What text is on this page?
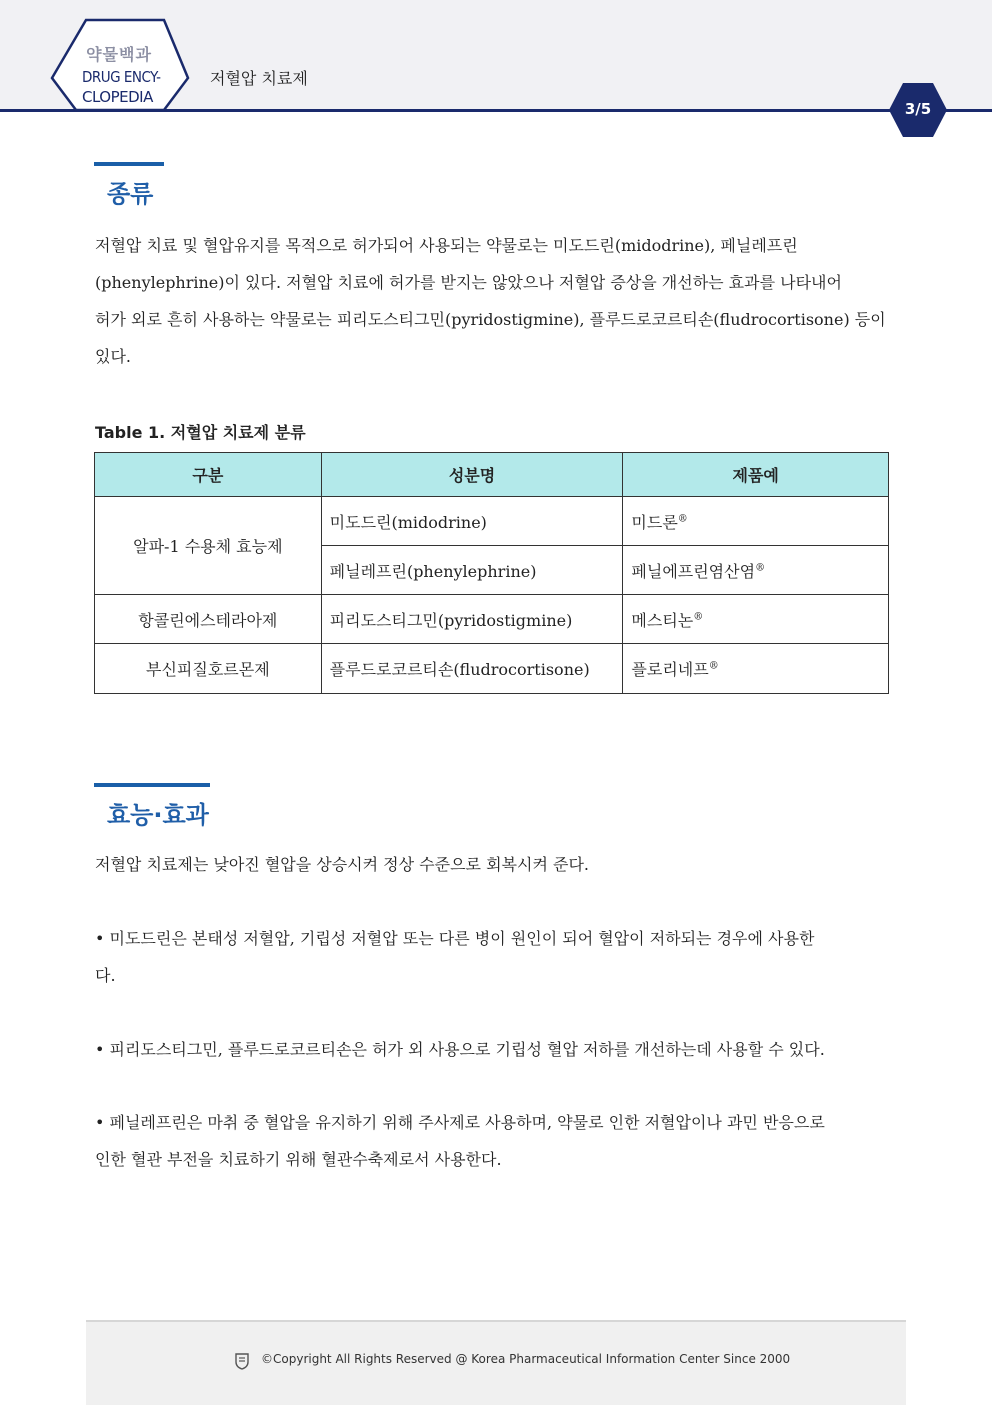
약물백과
DRUG ENCY-
CLOPEDIA
저혈압 치료제
3/5
종류
저혈압 치료 및 혈압유지를 목적으로 허가되어 사용되는 약물로는 미도드린(midodrine), 페닐레프린
(phenylephrine)이 있다. 저혈압 치료에 허가를 받지는 않았으나 저혈압 증상을 개선하는 효과를 나타내어
허가 외로 흔히 사용하는 약물로는 피리도스티그민(pyridostigmine), 플루드로코르티손(fludrocortisone) 등이
있다.
Table 1. 저혈압 치료제 분류
구분	성분명	제품예
알파-1 수용체 효능제	미도드린(midodrine)	미드론®
	페닐레프린(phenylephrine)	페닐에프린염산염®
항콜린에스테라아제	피리도스티그민(pyridostigmine)	메스티논®
부신피질호르몬제	플루드로코르티손(fludrocortisone)	플로리네프®
효능·효과
저혈압 치료제는 낮아진 혈압을 상승시켜 정상 수준으로 회복시켜 준다.
• 미도드린은 본태성 저혈압, 기립성 저혈압 또는 다른 병이 원인이 되어 혈압이 저하되는 경우에 사용한
다.
• 피리도스티그민, 플루드로코르티손은 허가 외 사용으로 기립성 혈압 저하를 개선하는데 사용할 수 있다.
• 페닐레프린은 마취 중 혈압을 유지하기 위해 주사제로 사용하며, 약물로 인한 저혈압이나 과민 반응으로
인한 혈관 부전을 치료하기 위해 혈관수축제로서 사용한다.
©Copyright All Rights Reserved @ Korea Pharmaceutical Information Center Since 2000
